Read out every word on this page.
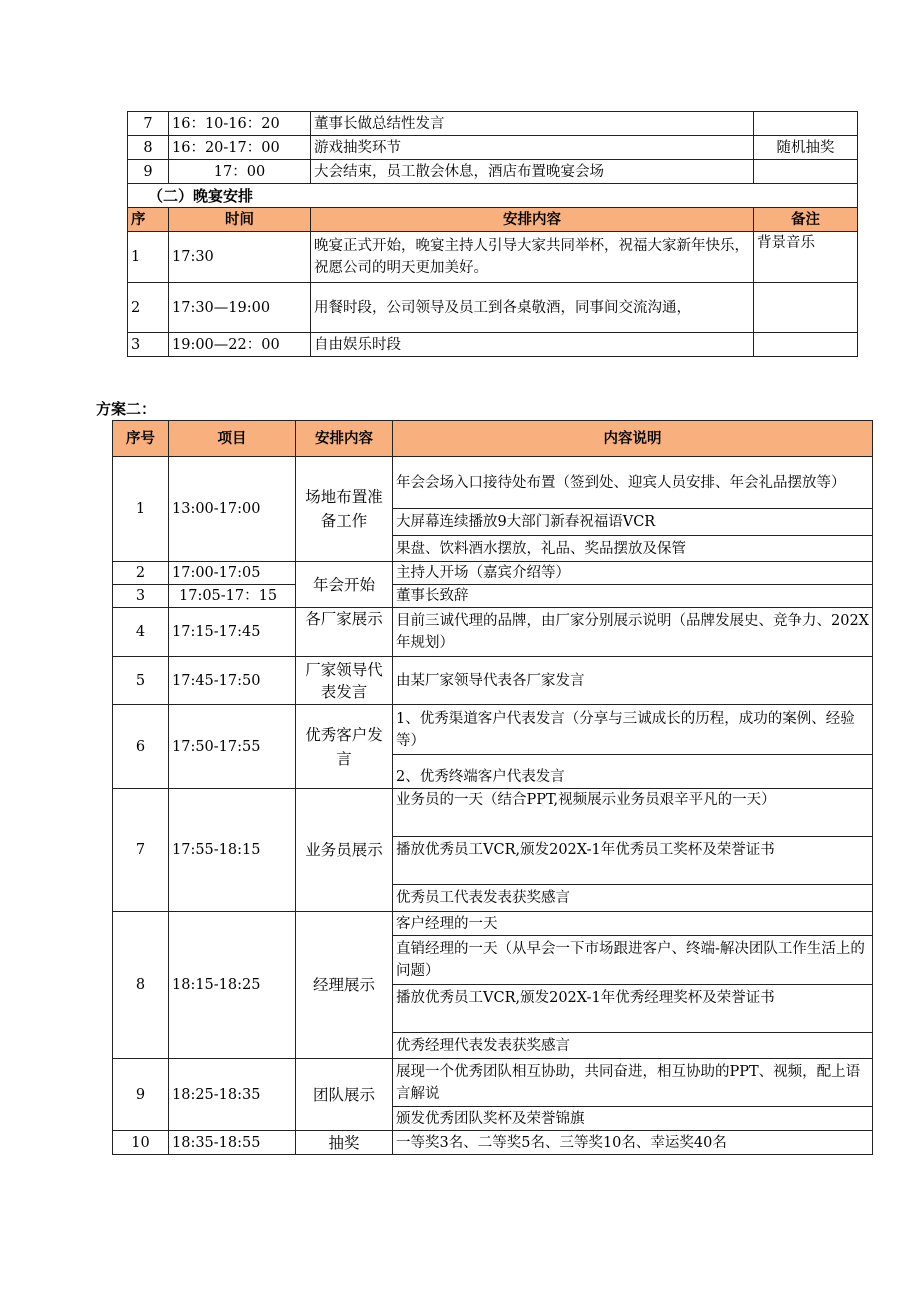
7	16：10-16：20	董事长做总结性发言	
8	16：20-17：00	游戏抽奖环节	随机抽奖
9	17：00	大会结束，员工散会休息，酒店布置晚宴会场	
（二）晚宴安排			
序	时间	安排内容	备注
1	17:30	晚宴正式开始，晚宴主持人引导大家共同举杯，祝福大家新年快乐，祝愿公司的明天更加美好。	背景音乐
2	17:30—19:00	用餐时段，公司领导及员工到各桌敬酒，同事间交流沟通，	
3	19:00—22：00	自由娱乐时段	
方案二：
序号	项目	安排内容	内容说明
1	13:00-17:00	场地布置准备工作	年会会场入口接待处布置（签到处、迎宾人员安排、年会礼品摆放等）
			大屏幕连续播放9大部门新春祝福语VCR
			果盘、饮料酒水摆放，礼品、奖品摆放及保管
2	17:00-17:05	年会开始	主持人开场（嘉宾介绍等）
3	17:05-17：15		董事长致辞
4	17:15-17:45	各厂家展示	目前三诚代理的品牌，由厂家分别展示说明（品牌发展史、竞争力、202X年规划）
5	17:45-17:50	厂家领导代表发言	由某厂家领导代表各厂家发言
6	17:50-17:55	优秀客户发言	1、优秀渠道客户代表发言（分享与三诚成长的历程，成功的案例、经验等）
			2、优秀终端客户代表发言
7	17:55-18:15	业务员展示	业务员的一天（结合PPT,视频展示业务员艰辛平凡的一天）
			播放优秀员工VCR,颁发202X-1年优秀员工奖杯及荣誉证书
			优秀员工代表发表获奖感言
8	18:15-18:25	经理展示	客户经理的一天
			直销经理的一天（从早会一下市场跟进客户、终端-解决团队工作生活上的问题）
			播放优秀员工VCR,颁发202X-1年优秀经理奖杯及荣誉证书
			优秀经理代表发表获奖感言
9	18:25-18:35	团队展示	展现一个优秀团队相互协助，共同奋进，相互协助的PPT、视频，配上语言解说
			颁发优秀团队奖杯及荣誉锦旗
10	18:35-18:55	抽奖	一等奖3名、二等奖5名、三等奖10名、幸运奖40名
